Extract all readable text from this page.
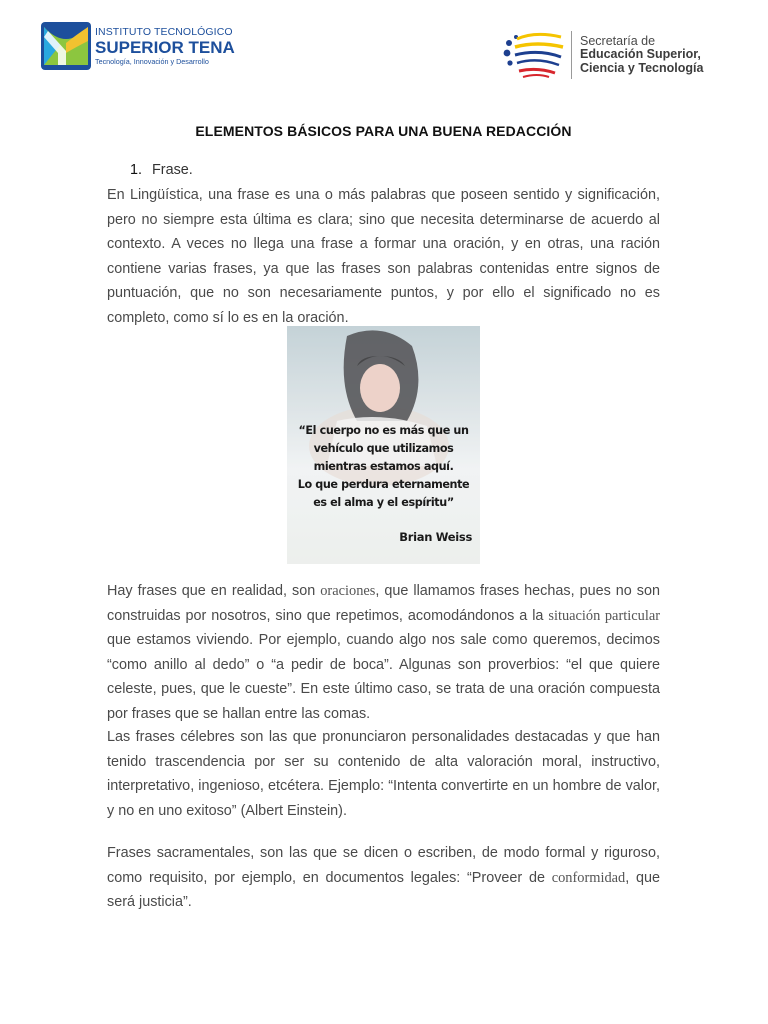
INSTITUTO TECNOLÓGICO
SUPERIOR TENA
Tecnología, Innovación y Desarrollo
Secretaría de
Educación Superior,
Ciencia y Tecnología
ELEMENTOS BÁSICOS PARA UNA BUENA REDACCIÓN
1. Frase.

En Lingüística, una frase es una o más palabras que poseen sentido y significación, pero no siempre esta última es clara; sino que necesita determinarse de acuerdo al contexto. A veces no llega una frase a formar una oración, y en otras, una ración contiene varias frases, ya que las frases son palabras contenidas entre signos de puntuación, que no son necesariamente puntos, y por ello el significado no es completo, como sí lo es en la oración.

“El cuerpo no es más que un
vehículo que utilizamos
mientras estamos aquí.
Lo que perdura eternamente
es el alma y el espíritu”
Brian Weiss

Hay frases que en realidad, son oraciones, que llamamos frases hechas, pues no son construidas por nosotros, sino que repetimos, acomodándonos a la situación particular que estamos viviendo. Por ejemplo, cuando algo nos sale como queremos, decimos “como anillo al dedo” o “a pedir de boca”. Algunas son proverbios: “el que quiere celeste, pues, que le cueste”. En este último caso, se trata de una oración compuesta por frases que se hallan entre las comas.

Las frases célebres son las que pronunciaron personalidades destacadas y que han tenido trascendencia por ser su contenido de alta valoración moral, instructivo, interpretativo, ingenioso, etcétera. Ejemplo: “Intenta convertirte en un hombre de valor, y no en uno exitoso” (Albert Einstein).

Frases sacramentales, son las que se dicen o escriben, de modo formal y riguroso, como requisito, por ejemplo, en documentos legales: “Proveer de conformidad, que será justicia”.
